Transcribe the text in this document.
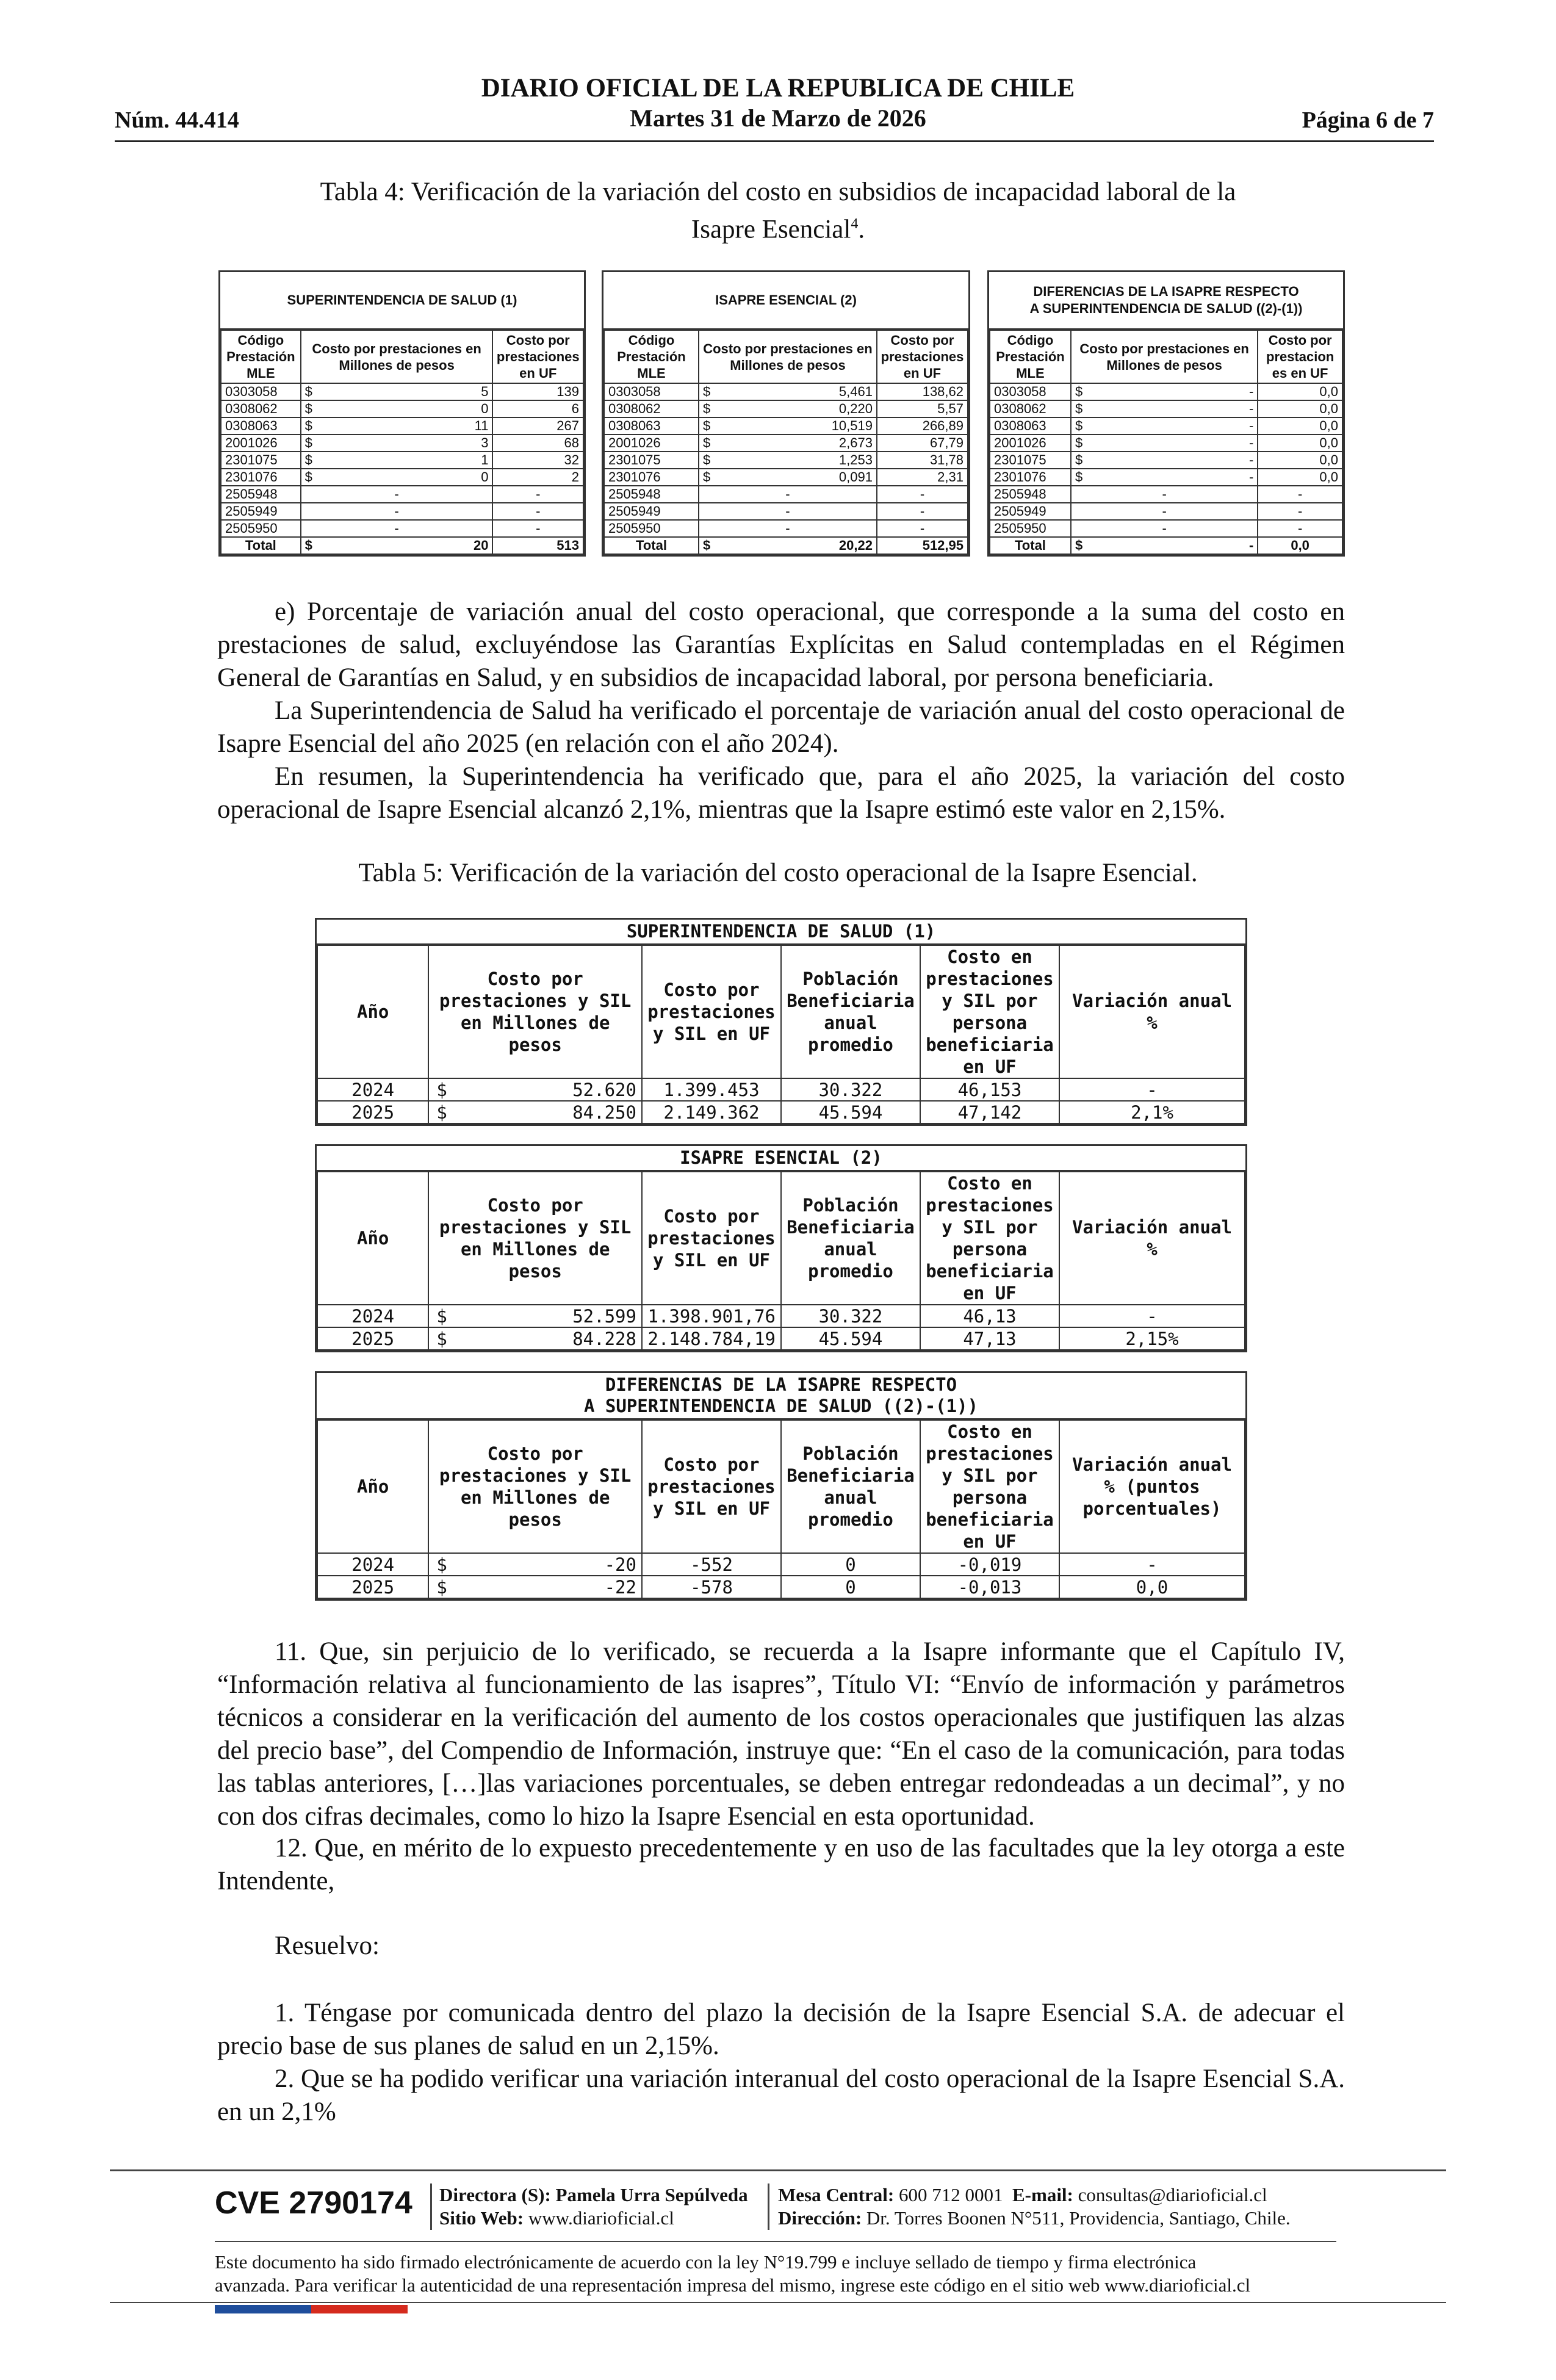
DIARIO OFICIAL DE LA REPUBLICA DE CHILE
Martes 31 de Marzo de 2026
Núm. 44.414	Página 6 de 7
Tabla 4: Verificación de la variación del costo en subsidios de incapacidad laboral de la
Isapre Esencial$^4$.
SUPERINTENDENCIA DE SALUD (1)
Código Prestación MLE	Costo por prestaciones en Millones de pesos	Costo por prestaciones en UF
0303058	$ 5	139
0308062	$ 0	6
0308063	$ 11	267
2001026	$ 3	68
2301075	$ 1	32
2301076	$ 0	2
2505948	-	-
2505949	-	-
2505950	-	-
Total	$ 20	513
ISAPRE ESENCIAL (2)
Código Prestación MLE	Costo por prestaciones en Millones de pesos	Costo por prestaciones en UF
0303058	$ 5,461	138,62
0308062	$ 0,220	5,57
0308063	$ 10,519	266,89
2001026	$ 2,673	67,79
2301075	$ 1,253	31,78
2301076	$ 0,091	2,31
2505948	-	-
2505949	-	-
2505950	-	-
Total	$ 20,22	512,95
DIFERENCIAS DE LA ISAPRE RESPECTO
A SUPERINTENDENCIA DE SALUD ((2)-(1))
Código Prestación MLE	Costo por prestaciones en Millones de pesos	Costo por prestacion es en UF
0303058	$ -	0,0
0308062	$ -	0,0
0308063	$ -	0,0
2001026	$ -	0,0
2301075	$ -	0,0
2301076	$ -	0,0
2505948	-	-
2505949	-	-
2505950	-	-
Total	$ -	0,0
e) Porcentaje de variación anual del costo operacional, que corresponde a la suma del costo en prestaciones de salud, excluyéndose las Garantías Explícitas en Salud contempladas en el Régimen General de Garantías en Salud, y en subsidios de incapacidad laboral, por persona beneficiaria.
La Superintendencia de Salud ha verificado el porcentaje de variación anual del costo operacional de Isapre Esencial del año 2025 (en relación con el año 2024).
En resumen, la Superintendencia ha verificado que, para el año 2025, la variación del costo operacional de Isapre Esencial alcanzó 2,1%, mientras que la Isapre estimó este valor en 2,15%.
Tabla 5: Verificación de la variación del costo operacional de la Isapre Esencial.
SUPERINTENDENCIA DE SALUD (1)
Año	Costo por prestaciones y SIL en Millones de pesos	Costo por prestaciones y SIL en UF	Población Beneficiaria anual promedio	Costo en prestaciones y SIL por persona beneficiaria en UF	Variación anual %
2024	$ 52.620	1.399.453	30.322	46,153	-
2025	$ 84.250	2.149.362	45.594	47,142	2,1%
ISAPRE ESENCIAL (2)
Año	Costo por prestaciones y SIL en Millones de pesos	Costo por prestaciones y SIL en UF	Población Beneficiaria anual promedio	Costo en prestaciones y SIL por persona beneficiaria en UF	Variación anual %
2024	$ 52.599	1.398.901,76	30.322	46,13	-
2025	$ 84.228	2.148.784,19	45.594	47,13	2,15%
DIFERENCIAS DE LA ISAPRE RESPECTO
A SUPERINTENDENCIA DE SALUD ((2)-(1))
Año	Costo por prestaciones y SIL en Millones de pesos	Costo por prestaciones y SIL en UF	Población Beneficiaria anual promedio	Costo en prestaciones y SIL por persona beneficiaria en UF	Variación anual % (puntos porcentuales)
2024	$ -20	-552	0	-0,019	-
2025	$ -22	-578	0	-0,013	0,0
11. Que, sin perjuicio de lo verificado, se recuerda a la Isapre informante que el Capítulo IV, “Información relativa al funcionamiento de las isapres”, Título VI: “Envío de información y parámetros técnicos a considerar en la verificación del aumento de los costos operacionales que justifiquen las alzas del precio base”, del Compendio de Información, instruye que: “En el caso de la comunicación, para todas las tablas anteriores, […]las variaciones porcentuales, se deben entregar redondeadas a un decimal”, y no con dos cifras decimales, como lo hizo la Isapre Esencial en esta oportunidad.
12. Que, en mérito de lo expuesto precedentemente y en uso de las facultades que la ley otorga a este Intendente,
Resuelvo:
1. Téngase por comunicada dentro del plazo la decisión de la Isapre Esencial S.A. de adecuar el precio base de sus planes de salud en un 2,15%.
2. Que se ha podido verificar una variación interanual del costo operacional de la Isapre Esencial S.A. en un 2,1%
CVE 2790174 Directora (S): Pamela Urra Sepúlveda
Sitio Web: www.diarioficial.cl
Mesa Central: 600 712 0001 E-mail: consultas@diarioficial.cl
Dirección: Dr. Torres Boonen N°511, Providencia, Santiago, Chile.
Este documento ha sido firmado electrónicamente de acuerdo con la ley N°19.799 e incluye sellado de tiempo y firma electrónica
avanzada. Para verificar la autenticidad de una representación impresa del mismo, ingrese este código en el sitio web www.diarioficial.cl
